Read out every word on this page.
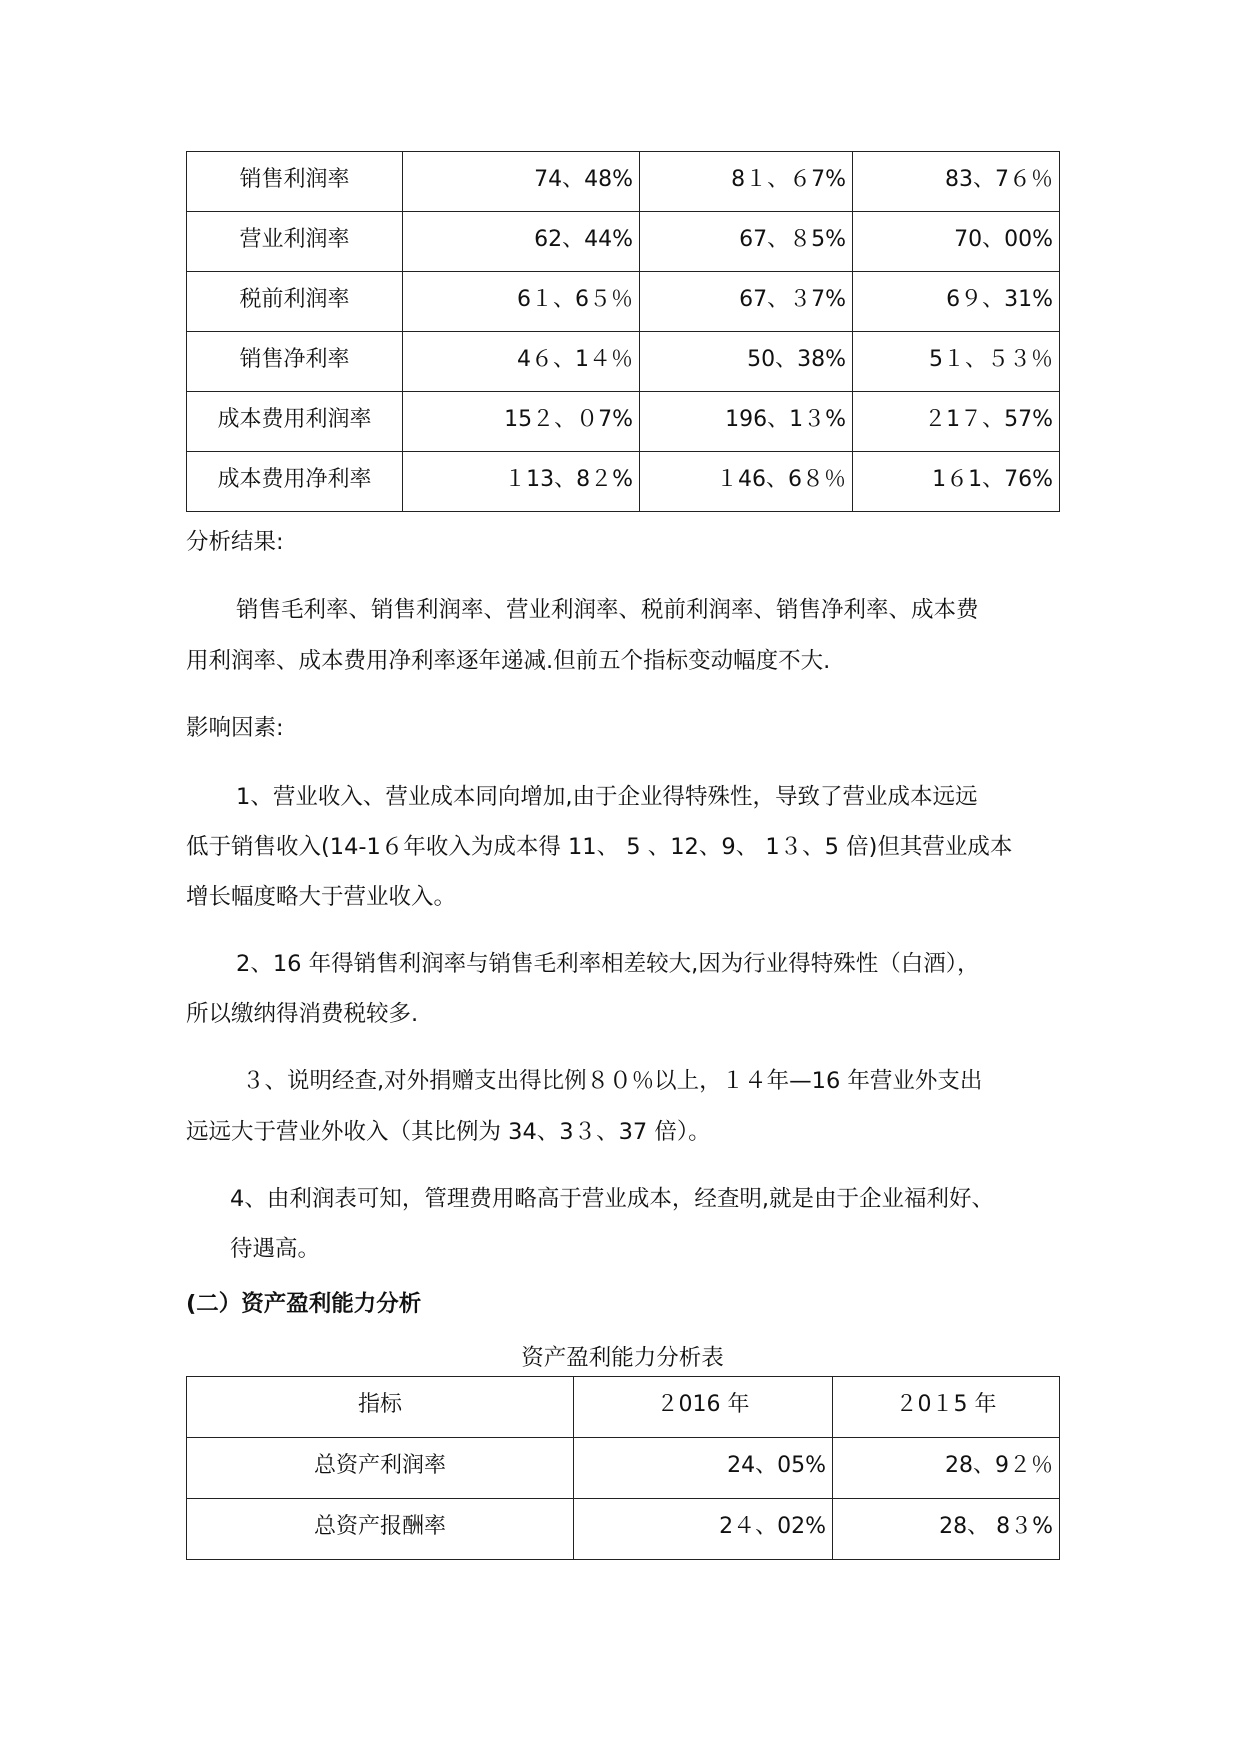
销售利润率	74、48%	8１、６7%	83、7６％
营业利润率	62、44%	67、８5%	70、00%
税前利润率	6１、6５％	67、３7%	6９、31%
销售净利率	4６、1４％	50、38%	5１、５３％
成本费用利润率	15２、０7%	196、1３%	２1７、57%
成本费用净利率	１13、8２%	１46、6８％	1６1、76%

分析结果:

销售毛利率、销售利润率、营业利润率、税前利润率、销售净利率、成本费

用利润率、成本费用净利率逐年递减.但前五个指标变动幅度不大.

影响因素:

1、营业收入、营业成本同向增加,由于企业得特殊性，导致了营业成本远远

低于销售收入(14-1６年收入为成本得 11、 5 、12、9、 1３、5 倍)但其营业成本

增长幅度略大于营业收入。

2、16 年得销售利润率与销售毛利率相差较大,因为行业得特殊性（白酒），

所以缴纳得消费税较多.

３、说明经查,对外捐赠支出得比例８０％以上，１４年—16 年营业外支出

远远大于营业外收入（其比例为 34、3３、37 倍）。

4、由利润表可知，管理费用略高于营业成本，经查明,就是由于企业福利好、

待遇高。

(二）资产盈利能力分析

资产盈利能力分析表

指标	２016 年	２0１5 年
总资产利润率	24、05%	28、9２％
总资产报酬率	2４、02%	28、 8３%
